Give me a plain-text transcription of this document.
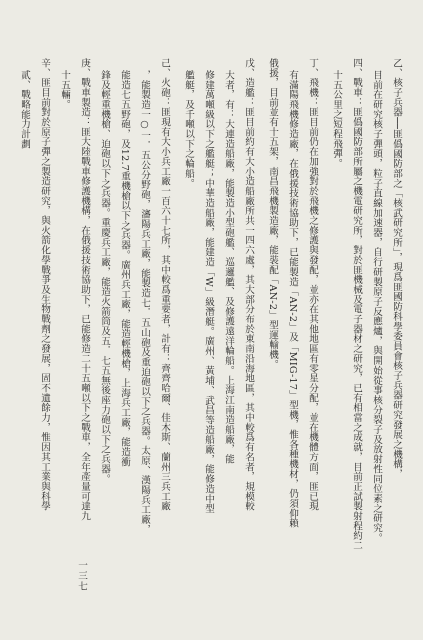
乙、核子兵器──匪僞國防部之「核武研究所」，現爲匪國防科學委員會核子兵器研究發展之機構，
目前在研究核子彈頭，粒子直線加速器，自行研製原子反應爐，與開始從事核分裂子及放射性同位素之研究。
四、戰車：匪僞國防部所屬之機電研究所，對於匪機械及電子器材之研究，已有相當之成就，目前正試製射程約二
十五公里之短程飛彈。
丁、飛機：匪目前仍在加強對於飛機之修護與發配，並亦在其他地區有零星分配，並在機體方面，匪已現
有滿陽飛機修造廠，在俄援技術協助下，已能製造「AN-2」及「MIG-17」型機，惟各種機材，仍須仰賴
俄援，目前並有十五架，南昌飛機製造廠，能裝配「AN-2」型運輸機。
戊、造艦：匪目前約有大小造船廠所共一四六處，其大部分布於東南沿海地區，其中較爲有名者，規模較
大者，有：大連造船廠，能製造小型砲艦、巡邏艦、及修護遠洋輪船。上海江南造船廠，能
修建萬噸級以下之艦艇；中華造船廠，能建造「W」級潛艇。廣州、黃埔、武昌等造船廠，能修造中型
艦艇，及千噸以下之輪船。
己、火砲：匪現有大小兵工廠一百六十七所，其中較爲重要者，計有：齊齊哈爾、佳木斯、蘭州三兵工廠
，能製造一○一．五公分野砲，瀋陽兵工廠，能製造七．五山砲及重迫砲以下之兵器。太原、漢陽兵工廠，
能造七五野砲，及12.7重機槍以下之兵器。廣州兵工廠，能造輕機槍，上海兵工廠，能造衝
鋒及輕重機槍、迫砲以下之兵器。重慶兵工廠，能造火箭筒及五．七五無後座力砲以下之兵器。
庚、戰車製造：匪大陸戰車修護機構，在俄援技術協助下，已能修造二十五噸以下之戰車，全年產量可達九
十五輛。
辛、匪目前對於原子彈之製造研究，與火箭化學戰爭及生物戰劑之發展，固不遺餘力，惟因其工業與科學
貳、戰略能力計劃
一三七
